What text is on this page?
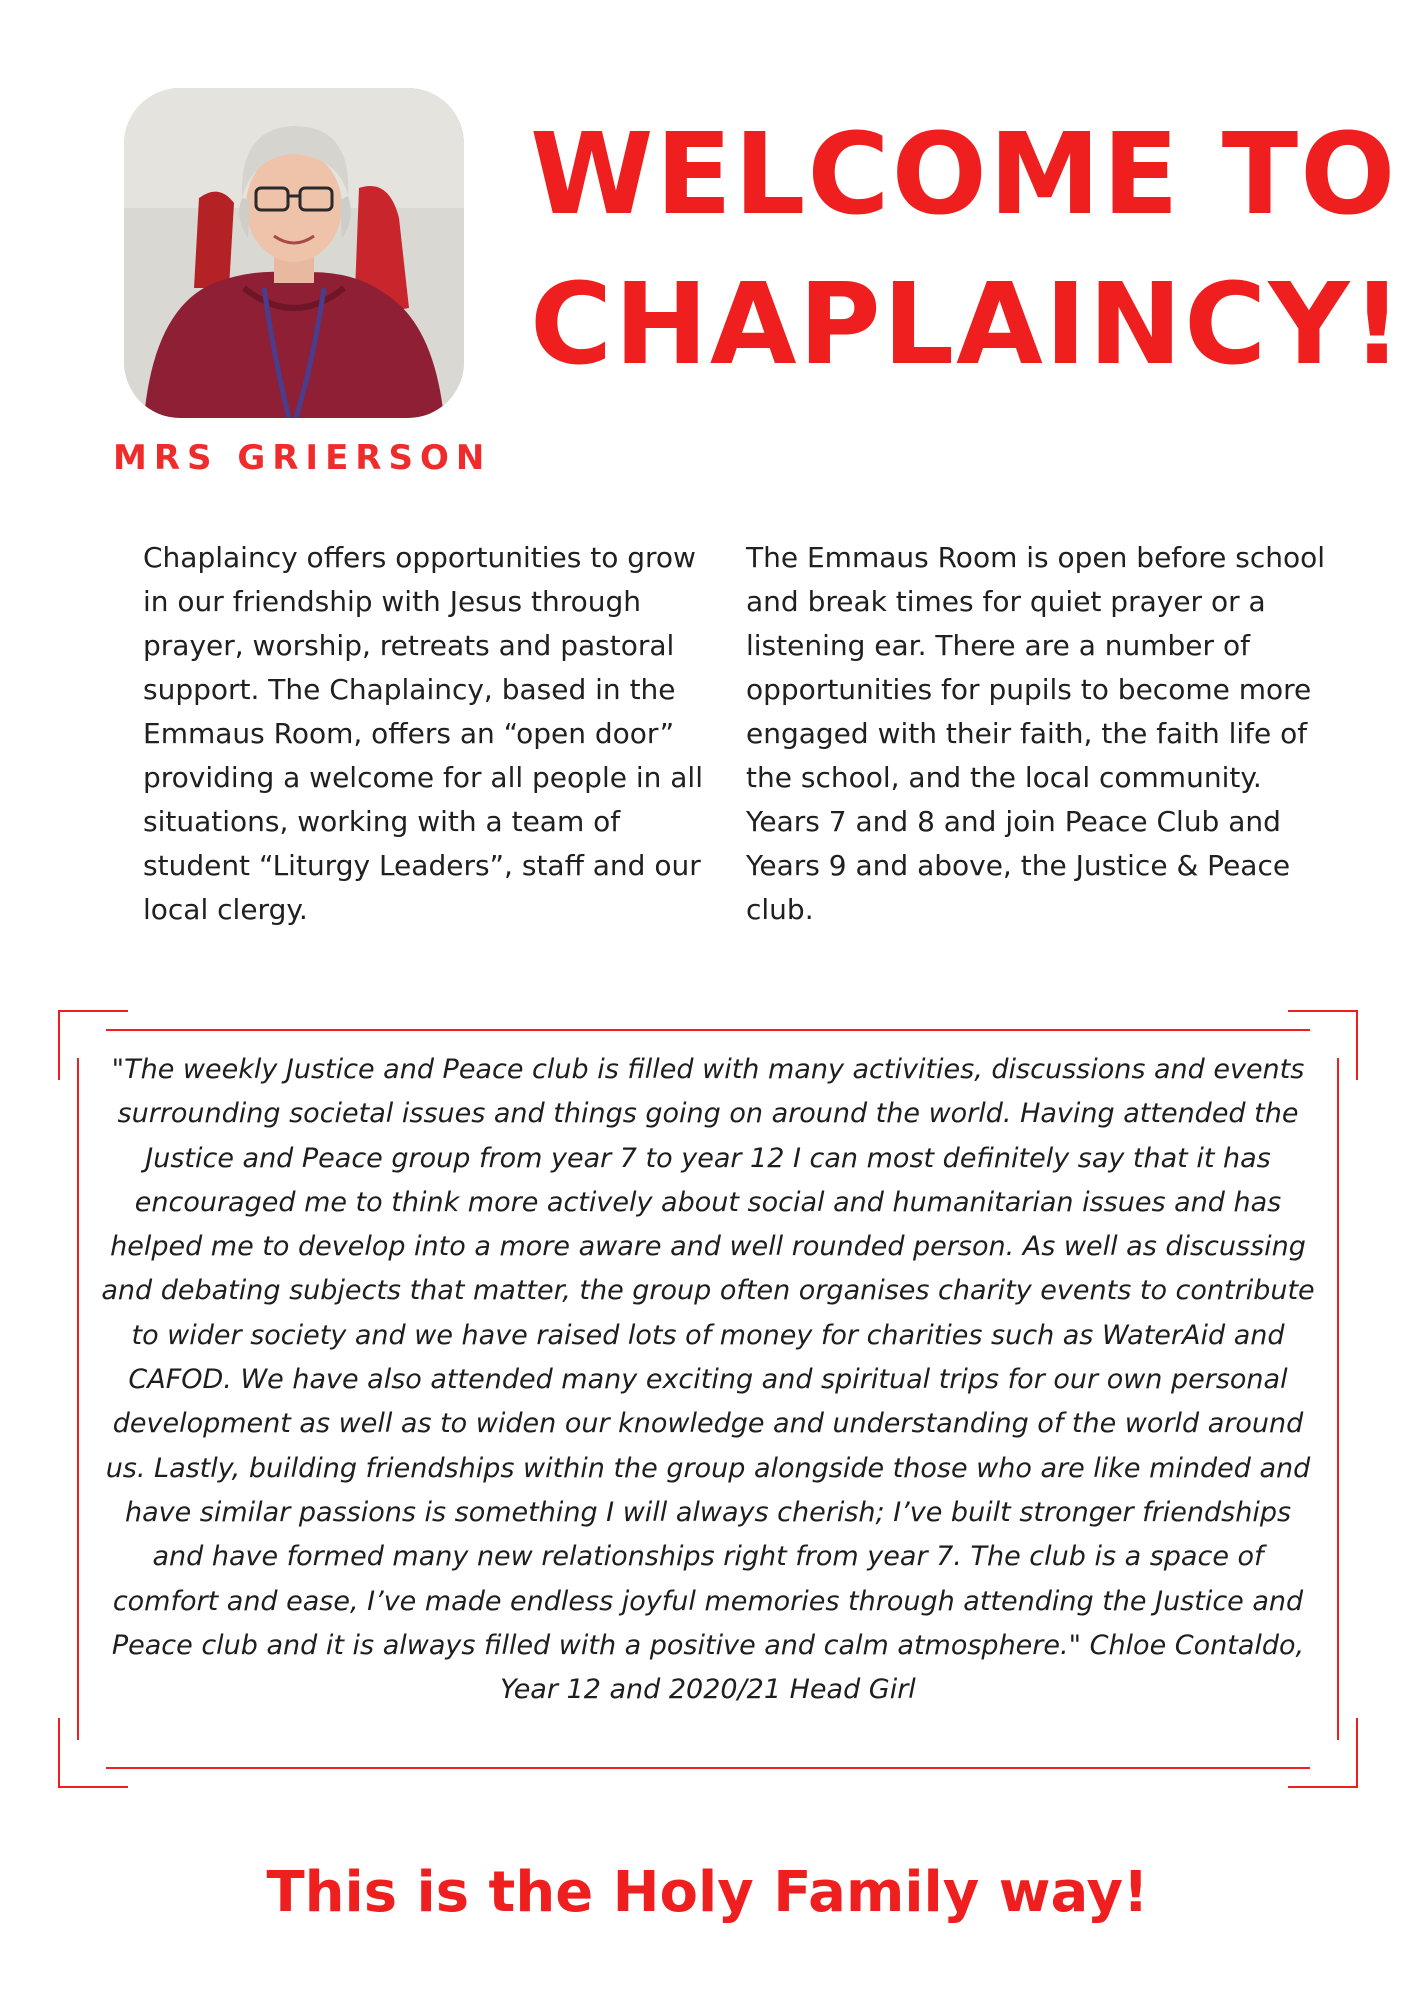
MRS GRIERSON
WELCOME TO
CHAPLAINCY!

Chaplaincy offers opportunities to grow in our friendship with Jesus through prayer, worship, retreats and pastoral support. The Chaplaincy, based in the Emmaus Room, offers an “open door” providing a welcome for all people in all situations, working with a team of student “Liturgy Leaders”, staff and our local clergy.

The Emmaus Room is open before school and break times for quiet prayer or a listening ear. There are a number of opportunities for pupils to become more engaged with their faith, the faith life of the school, and the local community. Years 7 and 8 and join Peace Club and Years 9 and above, the Justice & Peace club.

"The weekly Justice and Peace club is filled with many activities, discussions and events surrounding societal issues and things going on around the world. Having attended the Justice and Peace group from year 7 to year 12 I can most definitely say that it has encouraged me to think more actively about social and humanitarian issues and has helped me to develop into a more aware and well rounded person. As well as discussing and debating subjects that matter, the group often organises charity events to contribute to wider society and we have raised lots of money for charities such as WaterAid and CAFOD. We have also attended many exciting and spiritual trips for our own personal development as well as to widen our knowledge and understanding of the world around us. Lastly, building friendships within the group alongside those who are like minded and have similar passions is something I will always cherish; I’ve built stronger friendships and have formed many new relationships right from year 7. The club is a space of comfort and ease, I’ve made endless joyful memories through attending the Justice and Peace club and it is always filled with a positive and calm atmosphere." Chloe Contaldo, Year 12 and 2020/21 Head Girl

This is the Holy Family way!
